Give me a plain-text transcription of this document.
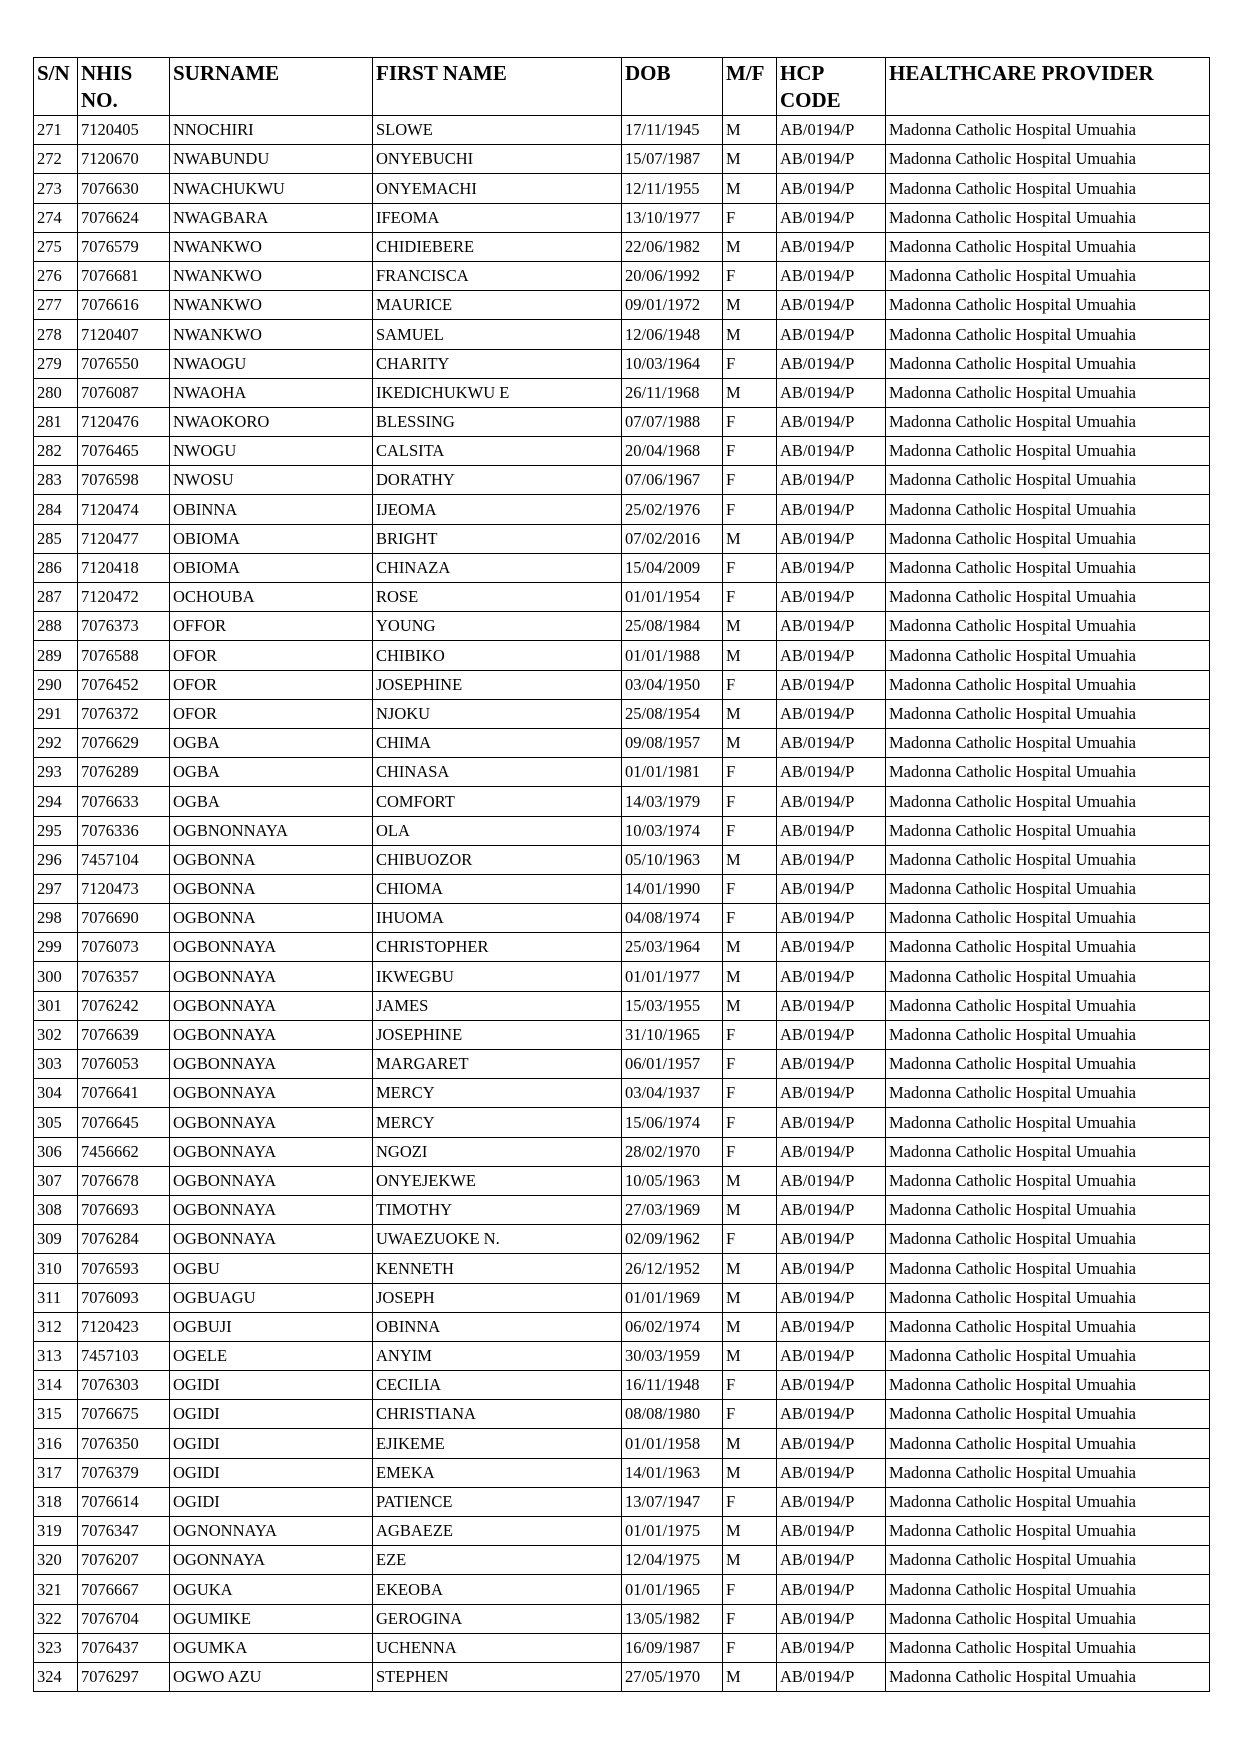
S/N	NHIS NO.	SURNAME	FIRST NAME	DOB	M/F	HCP CODE	HEALTHCARE PROVIDER
271	7120405	NNOCHIRI	SLOWE	17/11/1945	M	AB/0194/P	Madonna Catholic Hospital Umuahia
272	7120670	NWABUNDU	ONYEBUCHI	15/07/1987	M	AB/0194/P	Madonna Catholic Hospital Umuahia
273	7076630	NWACHUKWU	ONYEMACHI	12/11/1955	M	AB/0194/P	Madonna Catholic Hospital Umuahia
274	7076624	NWAGBARA	IFEOMA	13/10/1977	F	AB/0194/P	Madonna Catholic Hospital Umuahia
275	7076579	NWANKWO	CHIDIEBERE	22/06/1982	M	AB/0194/P	Madonna Catholic Hospital Umuahia
276	7076681	NWANKWO	FRANCISCA	20/06/1992	F	AB/0194/P	Madonna Catholic Hospital Umuahia
277	7076616	NWANKWO	MAURICE	09/01/1972	M	AB/0194/P	Madonna Catholic Hospital Umuahia
278	7120407	NWANKWO	SAMUEL	12/06/1948	M	AB/0194/P	Madonna Catholic Hospital Umuahia
279	7076550	NWAOGU	CHARITY	10/03/1964	F	AB/0194/P	Madonna Catholic Hospital Umuahia
280	7076087	NWAOHA	IKEDICHUKWU E	26/11/1968	M	AB/0194/P	Madonna Catholic Hospital Umuahia
281	7120476	NWAOKORO	BLESSING	07/07/1988	F	AB/0194/P	Madonna Catholic Hospital Umuahia
282	7076465	NWOGU	CALSITA	20/04/1968	F	AB/0194/P	Madonna Catholic Hospital Umuahia
283	7076598	NWOSU	DORATHY	07/06/1967	F	AB/0194/P	Madonna Catholic Hospital Umuahia
284	7120474	OBINNA	IJEOMA	25/02/1976	F	AB/0194/P	Madonna Catholic Hospital Umuahia
285	7120477	OBIOMA	BRIGHT	07/02/2016	M	AB/0194/P	Madonna Catholic Hospital Umuahia
286	7120418	OBIOMA	CHINAZA	15/04/2009	F	AB/0194/P	Madonna Catholic Hospital Umuahia
287	7120472	OCHOUBA	ROSE	01/01/1954	F	AB/0194/P	Madonna Catholic Hospital Umuahia
288	7076373	OFFOR	YOUNG	25/08/1984	M	AB/0194/P	Madonna Catholic Hospital Umuahia
289	7076588	OFOR	CHIBIKO	01/01/1988	M	AB/0194/P	Madonna Catholic Hospital Umuahia
290	7076452	OFOR	JOSEPHINE	03/04/1950	F	AB/0194/P	Madonna Catholic Hospital Umuahia
291	7076372	OFOR	NJOKU	25/08/1954	M	AB/0194/P	Madonna Catholic Hospital Umuahia
292	7076629	OGBA	CHIMA	09/08/1957	M	AB/0194/P	Madonna Catholic Hospital Umuahia
293	7076289	OGBA	CHINASA	01/01/1981	F	AB/0194/P	Madonna Catholic Hospital Umuahia
294	7076633	OGBA	COMFORT	14/03/1979	F	AB/0194/P	Madonna Catholic Hospital Umuahia
295	7076336	OGBNONNAYA	OLA	10/03/1974	F	AB/0194/P	Madonna Catholic Hospital Umuahia
296	7457104	OGBONNA	CHIBUOZOR	05/10/1963	M	AB/0194/P	Madonna Catholic Hospital Umuahia
297	7120473	OGBONNA	CHIOMA	14/01/1990	F	AB/0194/P	Madonna Catholic Hospital Umuahia
298	7076690	OGBONNA	IHUOMA	04/08/1974	F	AB/0194/P	Madonna Catholic Hospital Umuahia
299	7076073	OGBONNAYA	CHRISTOPHER	25/03/1964	M	AB/0194/P	Madonna Catholic Hospital Umuahia
300	7076357	OGBONNAYA	IKWEGBU	01/01/1977	M	AB/0194/P	Madonna Catholic Hospital Umuahia
301	7076242	OGBONNAYA	JAMES	15/03/1955	M	AB/0194/P	Madonna Catholic Hospital Umuahia
302	7076639	OGBONNAYA	JOSEPHINE	31/10/1965	F	AB/0194/P	Madonna Catholic Hospital Umuahia
303	7076053	OGBONNAYA	MARGARET	06/01/1957	F	AB/0194/P	Madonna Catholic Hospital Umuahia
304	7076641	OGBONNAYA	MERCY	03/04/1937	F	AB/0194/P	Madonna Catholic Hospital Umuahia
305	7076645	OGBONNAYA	MERCY	15/06/1974	F	AB/0194/P	Madonna Catholic Hospital Umuahia
306	7456662	OGBONNAYA	NGOZI	28/02/1970	F	AB/0194/P	Madonna Catholic Hospital Umuahia
307	7076678	OGBONNAYA	ONYEJEKWE	10/05/1963	M	AB/0194/P	Madonna Catholic Hospital Umuahia
308	7076693	OGBONNAYA	TIMOTHY	27/03/1969	M	AB/0194/P	Madonna Catholic Hospital Umuahia
309	7076284	OGBONNAYA	UWAEZUOKE N.	02/09/1962	F	AB/0194/P	Madonna Catholic Hospital Umuahia
310	7076593	OGBU	KENNETH	26/12/1952	M	AB/0194/P	Madonna Catholic Hospital Umuahia
311	7076093	OGBUAGU	JOSEPH	01/01/1969	M	AB/0194/P	Madonna Catholic Hospital Umuahia
312	7120423	OGBUJI	OBINNA	06/02/1974	M	AB/0194/P	Madonna Catholic Hospital Umuahia
313	7457103	OGELE	ANYIM	30/03/1959	M	AB/0194/P	Madonna Catholic Hospital Umuahia
314	7076303	OGIDI	CECILIA	16/11/1948	F	AB/0194/P	Madonna Catholic Hospital Umuahia
315	7076675	OGIDI	CHRISTIANA	08/08/1980	F	AB/0194/P	Madonna Catholic Hospital Umuahia
316	7076350	OGIDI	EJIKEME	01/01/1958	M	AB/0194/P	Madonna Catholic Hospital Umuahia
317	7076379	OGIDI	EMEKA	14/01/1963	M	AB/0194/P	Madonna Catholic Hospital Umuahia
318	7076614	OGIDI	PATIENCE	13/07/1947	F	AB/0194/P	Madonna Catholic Hospital Umuahia
319	7076347	OGNONNAYA	AGBAEZE	01/01/1975	M	AB/0194/P	Madonna Catholic Hospital Umuahia
320	7076207	OGONNAYA	EZE	12/04/1975	M	AB/0194/P	Madonna Catholic Hospital Umuahia
321	7076667	OGUKA	EKEOBA	01/01/1965	F	AB/0194/P	Madonna Catholic Hospital Umuahia
322	7076704	OGUMIKE	GEROGINA	13/05/1982	F	AB/0194/P	Madonna Catholic Hospital Umuahia
323	7076437	OGUMKA	UCHENNA	16/09/1987	F	AB/0194/P	Madonna Catholic Hospital Umuahia
324	7076297	OGWO AZU	STEPHEN	27/05/1970	M	AB/0194/P	Madonna Catholic Hospital Umuahia
